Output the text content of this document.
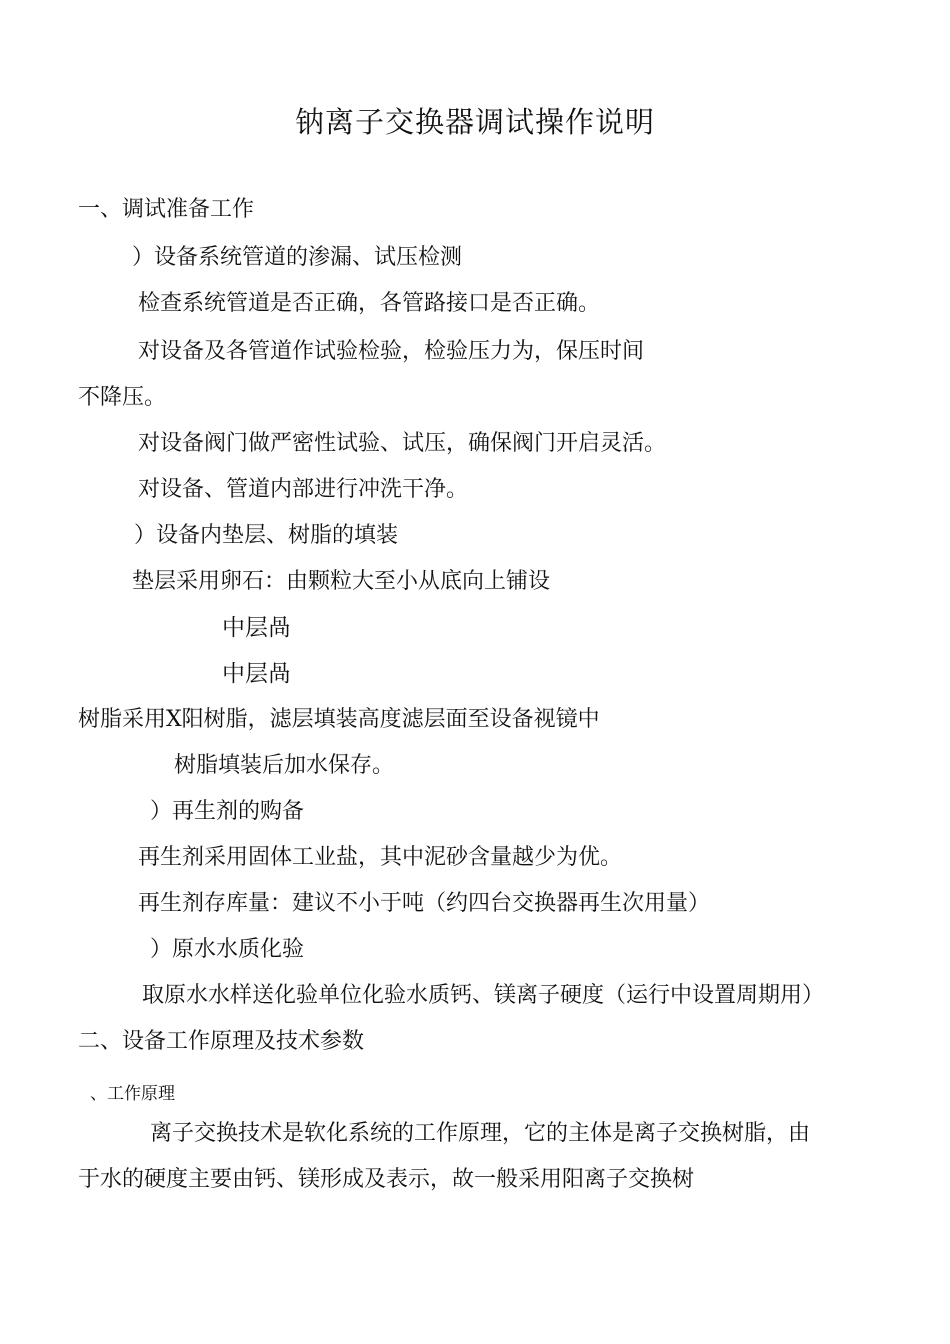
钠离子交换器调试操作说明
一、调试准备工作
）设备系统管道的渗漏、试压检测
检查系统管道是否正确，各管路接口是否正确。
对设备及各管道作试验检验，检验压力为，保压时间
不降压。
对设备阀门做严密性试验、试压，确保阀门开启灵活。
对设备、管道内部进行冲洗干净。
）设备内垫层、树脂的填装
垫层采用卵石：由颗粒大至小从底向上铺设
中层咼
中层咼
树脂采用X阳树脂，滤层填装高度滤层面至设备视镜中
树脂填装后加水保存。
）再生剂的购备
再生剂采用固体工业盐，其中泥砂含量越少为优。
再生剂存库量：建议不小于吨（约四台交换器再生次用量）
）原水水质化验
取原水水样送化验单位化验水质钙、镁离子硬度（运行中设置周期用）
二、设备工作原理及技术参数
、工作原理
离子交换技术是软化系统的工作原理，它的主体是离子交换树脂，由
于水的硬度主要由钙、镁形成及表示，故一般采用阳离子交换树
